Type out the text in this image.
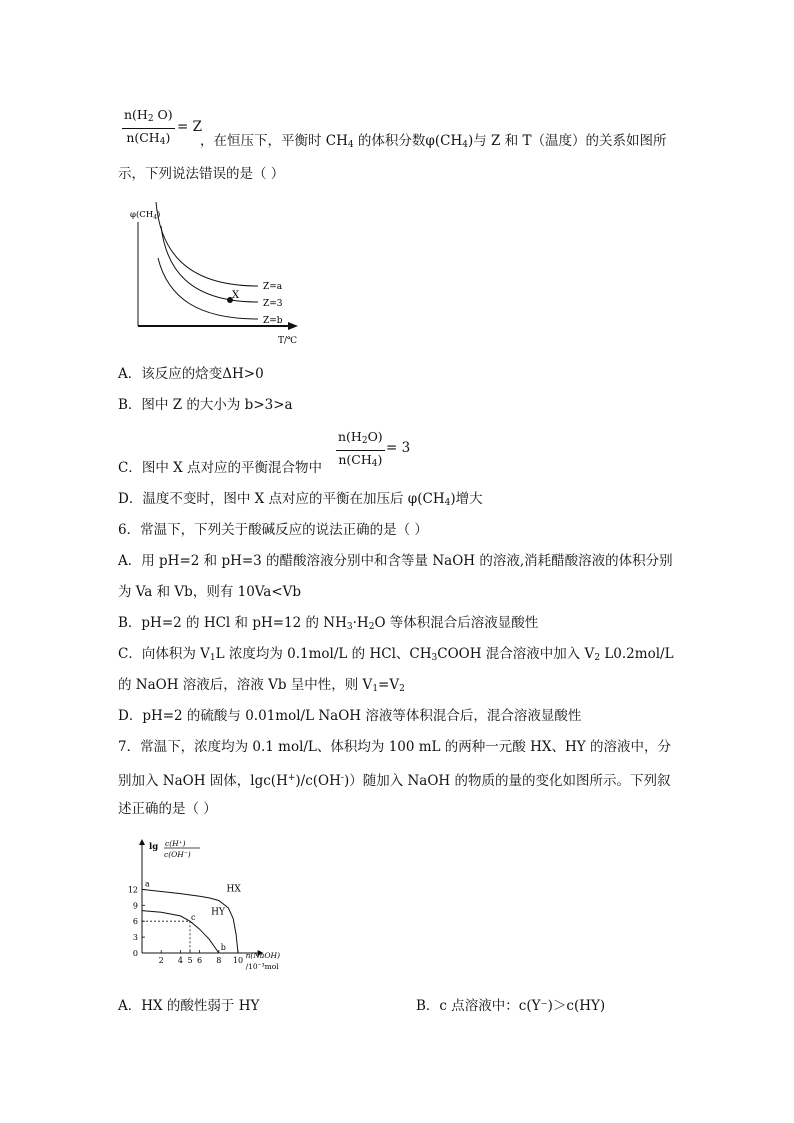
$\frac{n(H_2 O)}{n(CH_4)} = Z$
，在恒压下，平衡时 $CH_4$ 的体积分数$\varphi(CH_4)$与 Z 和 T（温度）的关系如图所
示，下列说法错误的是（ ）
$\varphi(CH_4)$
X
Z=a
Z=3
Z=b
T/℃
A．该反应的焓变ΔH>0
B．图中 Z 的大小为 b>3>a
C．图中 X 点对应的平衡混合物中 $\frac{n(H_2O)}{n(CH_4)} = 3$
D．温度不变时，图中 X 点对应的平衡在加压后 $\varphi(CH_4)$增大
6．常温下，下列关于酸碱反应的说法正确的是（ ）
A．用 pH=2 和 pH=3 的醋酸溶液分别中和含等量 NaOH 的溶液,消耗醋酸溶液的体积分别
为 Va 和 Vb，则有 10Va<Vb
B．pH=2 的 HCl 和 pH=12 的 $NH_3\cdot H_2O$ 等体积混合后溶液显酸性
C．向体积为 $V_1L$ 浓度均为 0.1mol/L 的 HCl、$CH_3COOH$ 混合溶液中加入 $V_2$ L0.2mol/L
的 NaOH 溶液后，溶液 Vb 呈中性，则 $V_1=V_2$
D．pH=2 的硫酸与 0.01mol/L NaOH 溶液等体积混合后，混合溶液显酸性
7．常温下，浓度均为 0.1 mol/L、体积均为 100 mL 的两种一元酸 HX、HY 的溶液中，分
别加入 NaOH 固体，lgc(H+)/c(OH-)）随加入 NaOH 的物质的量的变化如图所示。下列叙
述正确的是（ ）
lg c(H⁺)
c(OH⁻)
0
3
6
9
12
2 4 5 6 8 10
n(NaOH)
/10⁻³mol
HX
HY
a
c
b
A．HX 的酸性弱于 HY	B．c 点溶液中：c(Y⁻)＞c(HY)
